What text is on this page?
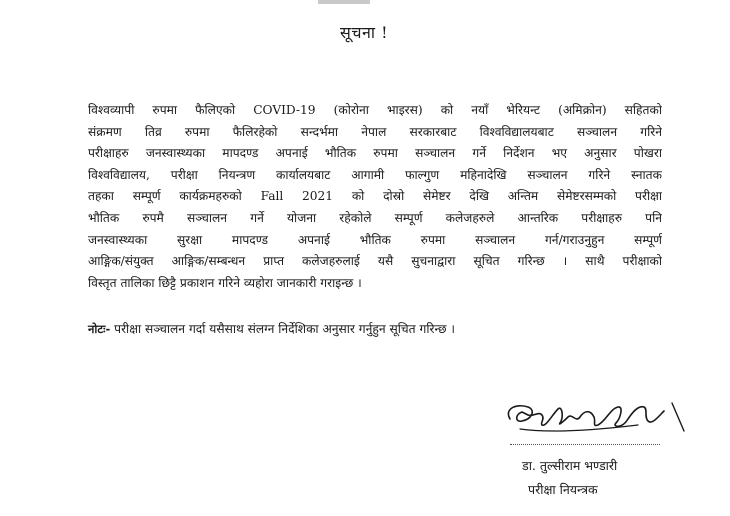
सूचना !
विश्वव्यापी रुपमा फैलिएको COVID-19 (कोरोना भाइरस) को नयाँ भेरियन्ट (अमिक्रोन) सहितको
संक्रमण तिव्र रुपमा फैलिरहेको सन्दर्भमा नेपाल सरकारबाट विश्वविद्यालयबाट सञ्चालन गरिने
परीक्षाहरु जनस्वास्थ्यका मापदण्ड अपनाई भौतिक रुपमा सञ्चालन गर्ने निर्देशन भए अनुसार पोखरा
विश्वविद्यालय, परीक्षा नियन्त्रण कार्यालयबाट आगामी फाल्गुण महिनादेखि सञ्चालन गरिने स्नातक
तहका सम्पूर्ण कार्यक्रमहरुको Fall 2021 को दोस्रो सेमेष्टर देखि अन्तिम सेमेष्टरसम्मको परीक्षा
भौतिक रुपमै सञ्चालन गर्ने योजना रहेकोले सम्पूर्ण कलेजहरुले आन्तरिक परीक्षाहरु पनि
जनस्वास्थ्यका सुरक्षा मापदण्ड अपनाई भौतिक रुपमा सञ्चालन गर्न/गराउनुहुन सम्पूर्ण
आङ्गिक/संयुक्त आङ्गिक/सम्बन्धन प्राप्त कलेजहरुलाई यसै सुचनाद्वारा सूचित गरिन्छ । साथै परीक्षाको
विस्तृत तालिका छिट्टै प्रकाशन गरिने व्यहोरा जानकारी गराइन्छ ।
नोटः- परीक्षा सञ्चालन गर्दा यसैसाथ संलग्न निर्देशिका अनुसार गर्नुहुन सूचित गरिन्छ ।
डा. तुल्सीराम भण्डारी
परीक्षा नियन्त्रक
